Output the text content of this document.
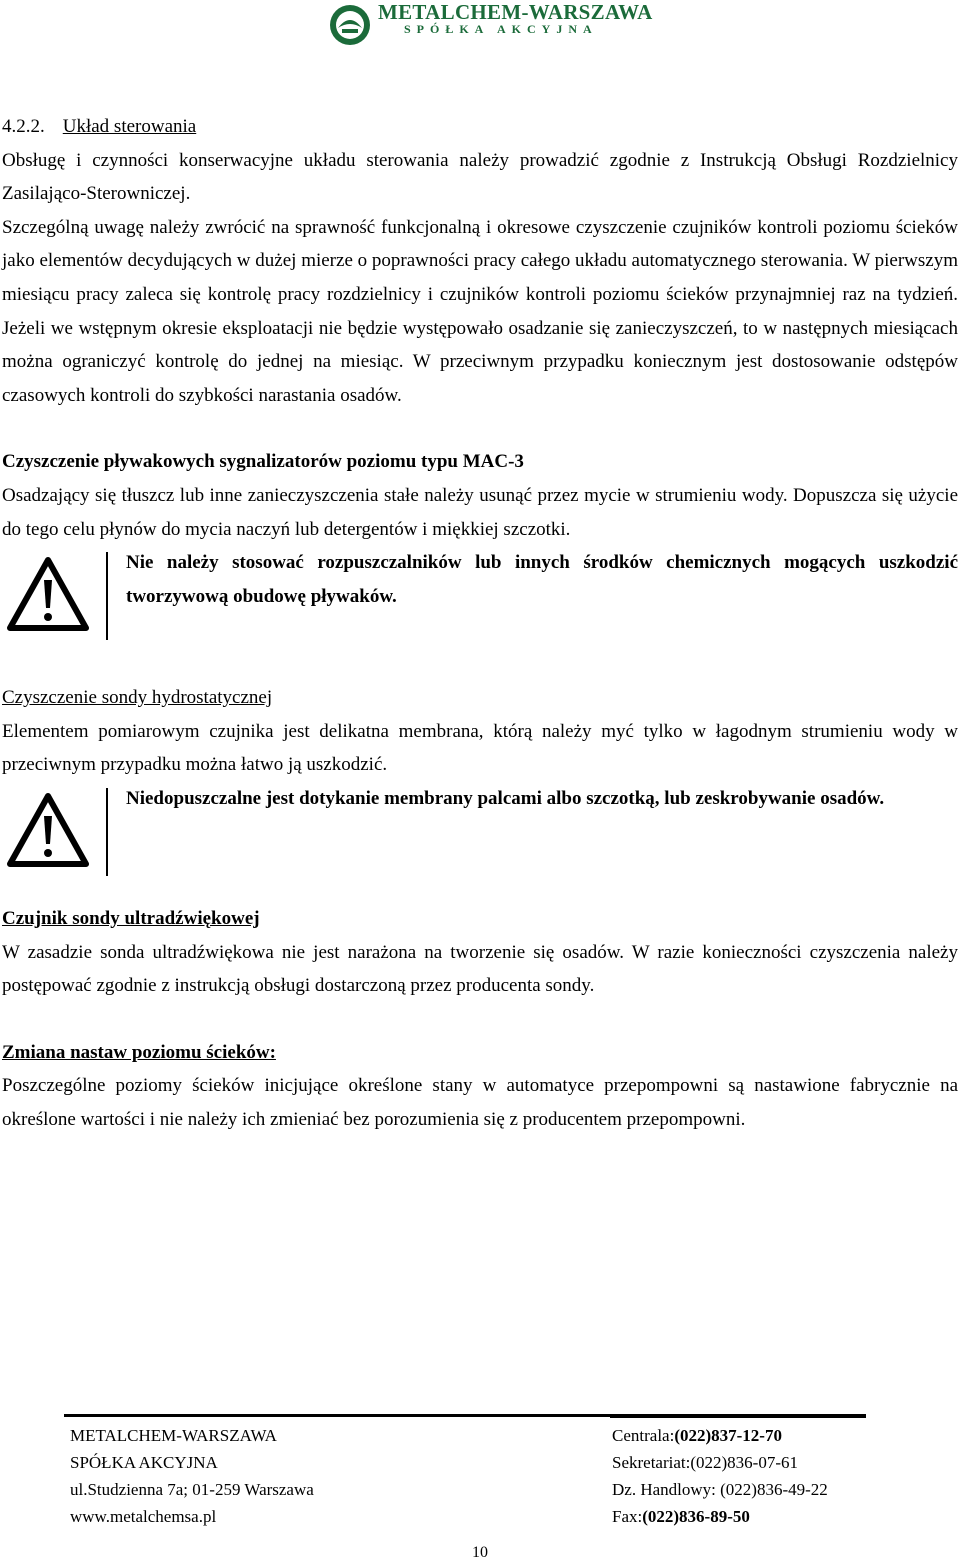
METALCHEM-WARSZAWA
SPÓŁKA AKCYJNA

4.2.2. Układ sterowania

Obsługę i czynności konserwacyjne układu sterowania należy prowadzić zgodnie z Instrukcją Obsługi Rozdzielnicy Zasilająco-Sterowniczej.

Szczególną uwagę należy zwrócić na sprawność funkcjonalną i okresowe czyszczenie czujników kontroli poziomu ścieków jako elementów decydujących w dużej mierze o poprawności pracy całego układu automatycznego sterowania. W pierwszym miesiącu pracy zaleca się kontrolę pracy rozdzielnicy i czujników kontroli poziomu ścieków przynajmniej raz na tydzień. Jeżeli we wstępnym okresie eksploatacji nie będzie występowało osadzanie się zanieczyszczeń, to w następnych miesiącach można ograniczyć kontrolę do jednej na miesiąc. W przeciwnym przypadku koniecznym jest dostosowanie odstępów czasowych kontroli do szybkości narastania osadów.

Czyszczenie pływakowych sygnalizatorów poziomu typu MAC-3

Osadzający się tłuszcz lub inne zanieczyszczenia stałe należy usunąć przez mycie w strumieniu wody. Dopuszcza się użycie do tego celu płynów do mycia naczyń lub detergentów i miękkiej szczotki.

Nie należy stosować rozpuszczalników lub innych środków chemicznych mogących uszkodzić tworzywową obudowę pływaków.

Czyszczenie sondy hydrostatycznej

Elementem pomiarowym czujnika jest delikatna membrana, którą należy myć tylko w łagodnym strumieniu wody w przeciwnym przypadku można łatwo ją uszkodzić.

Niedopuszczalne jest dotykanie membrany palcami albo szczotką, lub zeskrobywanie osadów.

Czujnik sondy ultradźwiękowej

W zasadzie sonda ultradźwiękowa nie jest narażona na tworzenie się osadów. W razie konieczności czyszczenia należy postępować zgodnie z instrukcją obsługi dostarczoną przez producenta sondy.

Zmiana nastaw poziomu ścieków:

Poszczególne poziomy ścieków inicjujące określone stany w automatyce przepompowni są nastawione fabrycznie na określone wartości i nie należy ich zmieniać bez porozumienia się z producentem przepompowni.

METALCHEM-WARSZAWA
SPÓŁKA AKCYJNA
ul.Studzienna 7a; 01-259 Warszawa
www.metalchemsa.pl
Centrala:(022)837-12-70
Sekretariat:(022)836-07-61
Dz. Handlowy: (022)836-49-22
Fax:(022)836-89-50
10
